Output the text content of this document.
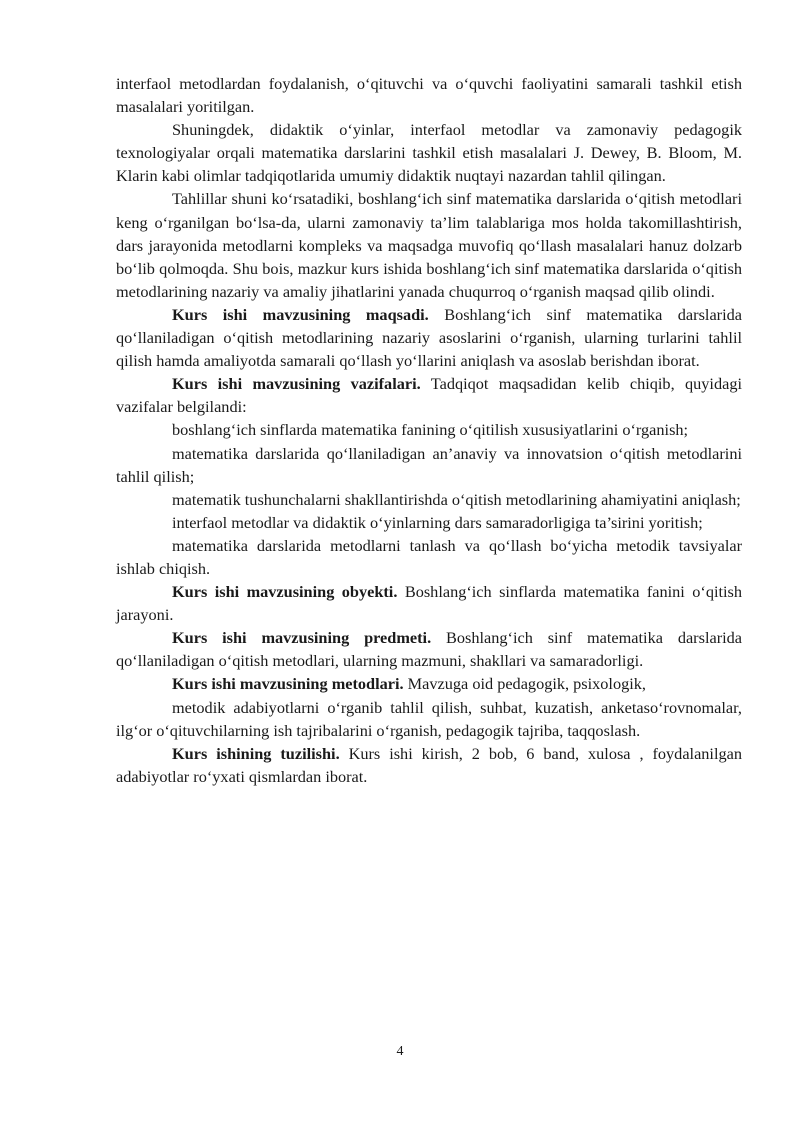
interfaol metodlardan foydalanish, o‘qituvchi va o‘quvchi faoliyatini samarali tashkil etish masalalari yoritilgan.

Shuningdek, didaktik o‘yinlar, interfaol metodlar va zamonaviy pedagogik texnologiyalar orqali matematika darslarini tashkil etish masalalari J. Dewey, B. Bloom, M. Klarin kabi olimlar tadqiqotlarida umumiy didaktik nuqtayi nazardan tahlil qilingan.

Tahlillar shuni ko‘rsatadiki, boshlang‘ich sinf matematika darslarida o‘qitish metodlari keng o‘rganilgan bo‘lsa-da, ularni zamonaviy ta’lim talablariga mos holda takomillashtirish, dars jarayonida metodlarni kompleks va maqsadga muvofiq qo‘llash masalalari hanuz dolzarb bo‘lib qolmoqda. Shu bois, mazkur kurs ishida boshlang‘ich sinf matematika darslarida o‘qitish metodlarining nazariy va amaliy jihatlarini yanada chuqurroq o‘rganish maqsad qilib olindi.

Kurs ishi mavzusining maqsadi. Boshlang‘ich sinf matematika darslarida qo‘llaniladigan o‘qitish metodlarining nazariy asoslarini o‘rganish, ularning turlarini tahlil qilish hamda amaliyotda samarali qo‘llash yo‘llarini aniqlash va asoslab berishdan iborat.

Kurs ishi mavzusining vazifalari. Tadqiqot maqsadidan kelib chiqib, quyidagi vazifalar belgilandi:

boshlang‘ich sinflarda matematika fanining o‘qitilish xususiyatlarini o‘rganish;

matematika darslarida qo‘llaniladigan an’anaviy va innovatsion o‘qitish metodlarini tahlil qilish;

matematik tushunchalarni shakllantirishda o‘qitish metodlarining ahamiyatini aniqlash;

interfaol metodlar va didaktik o‘yinlarning dars samaradorligiga ta’sirini yoritish;

matematika darslarida metodlarni tanlash va qo‘llash bo‘yicha metodik tavsiyalar ishlab chiqish.

Kurs ishi mavzusining obyekti. Boshlang‘ich sinflarda matematika fanini o‘qitish jarayoni.

Kurs ishi mavzusining predmeti. Boshlang‘ich sinf matematika darslarida qo‘llaniladigan o‘qitish metodlari, ularning mazmuni, shakllari va samaradorligi.

Kurs ishi mavzusining metodlari. Mavzuga oid pedagogik, psixologik,

metodik adabiyotlarni o‘rganib tahlil qilish, suhbat, kuzatish, anketaso‘rovnomalar, ilg‘or o‘qituvchilarning ish tajribalarini o‘rganish, pedagogik tajriba, taqqoslash.

Kurs ishining tuzilishi. Kurs ishi kirish, 2 bob, 6 band, xulosa , foydalanilgan adabiyotlar ro‘yxati qismlardan iborat.

4
